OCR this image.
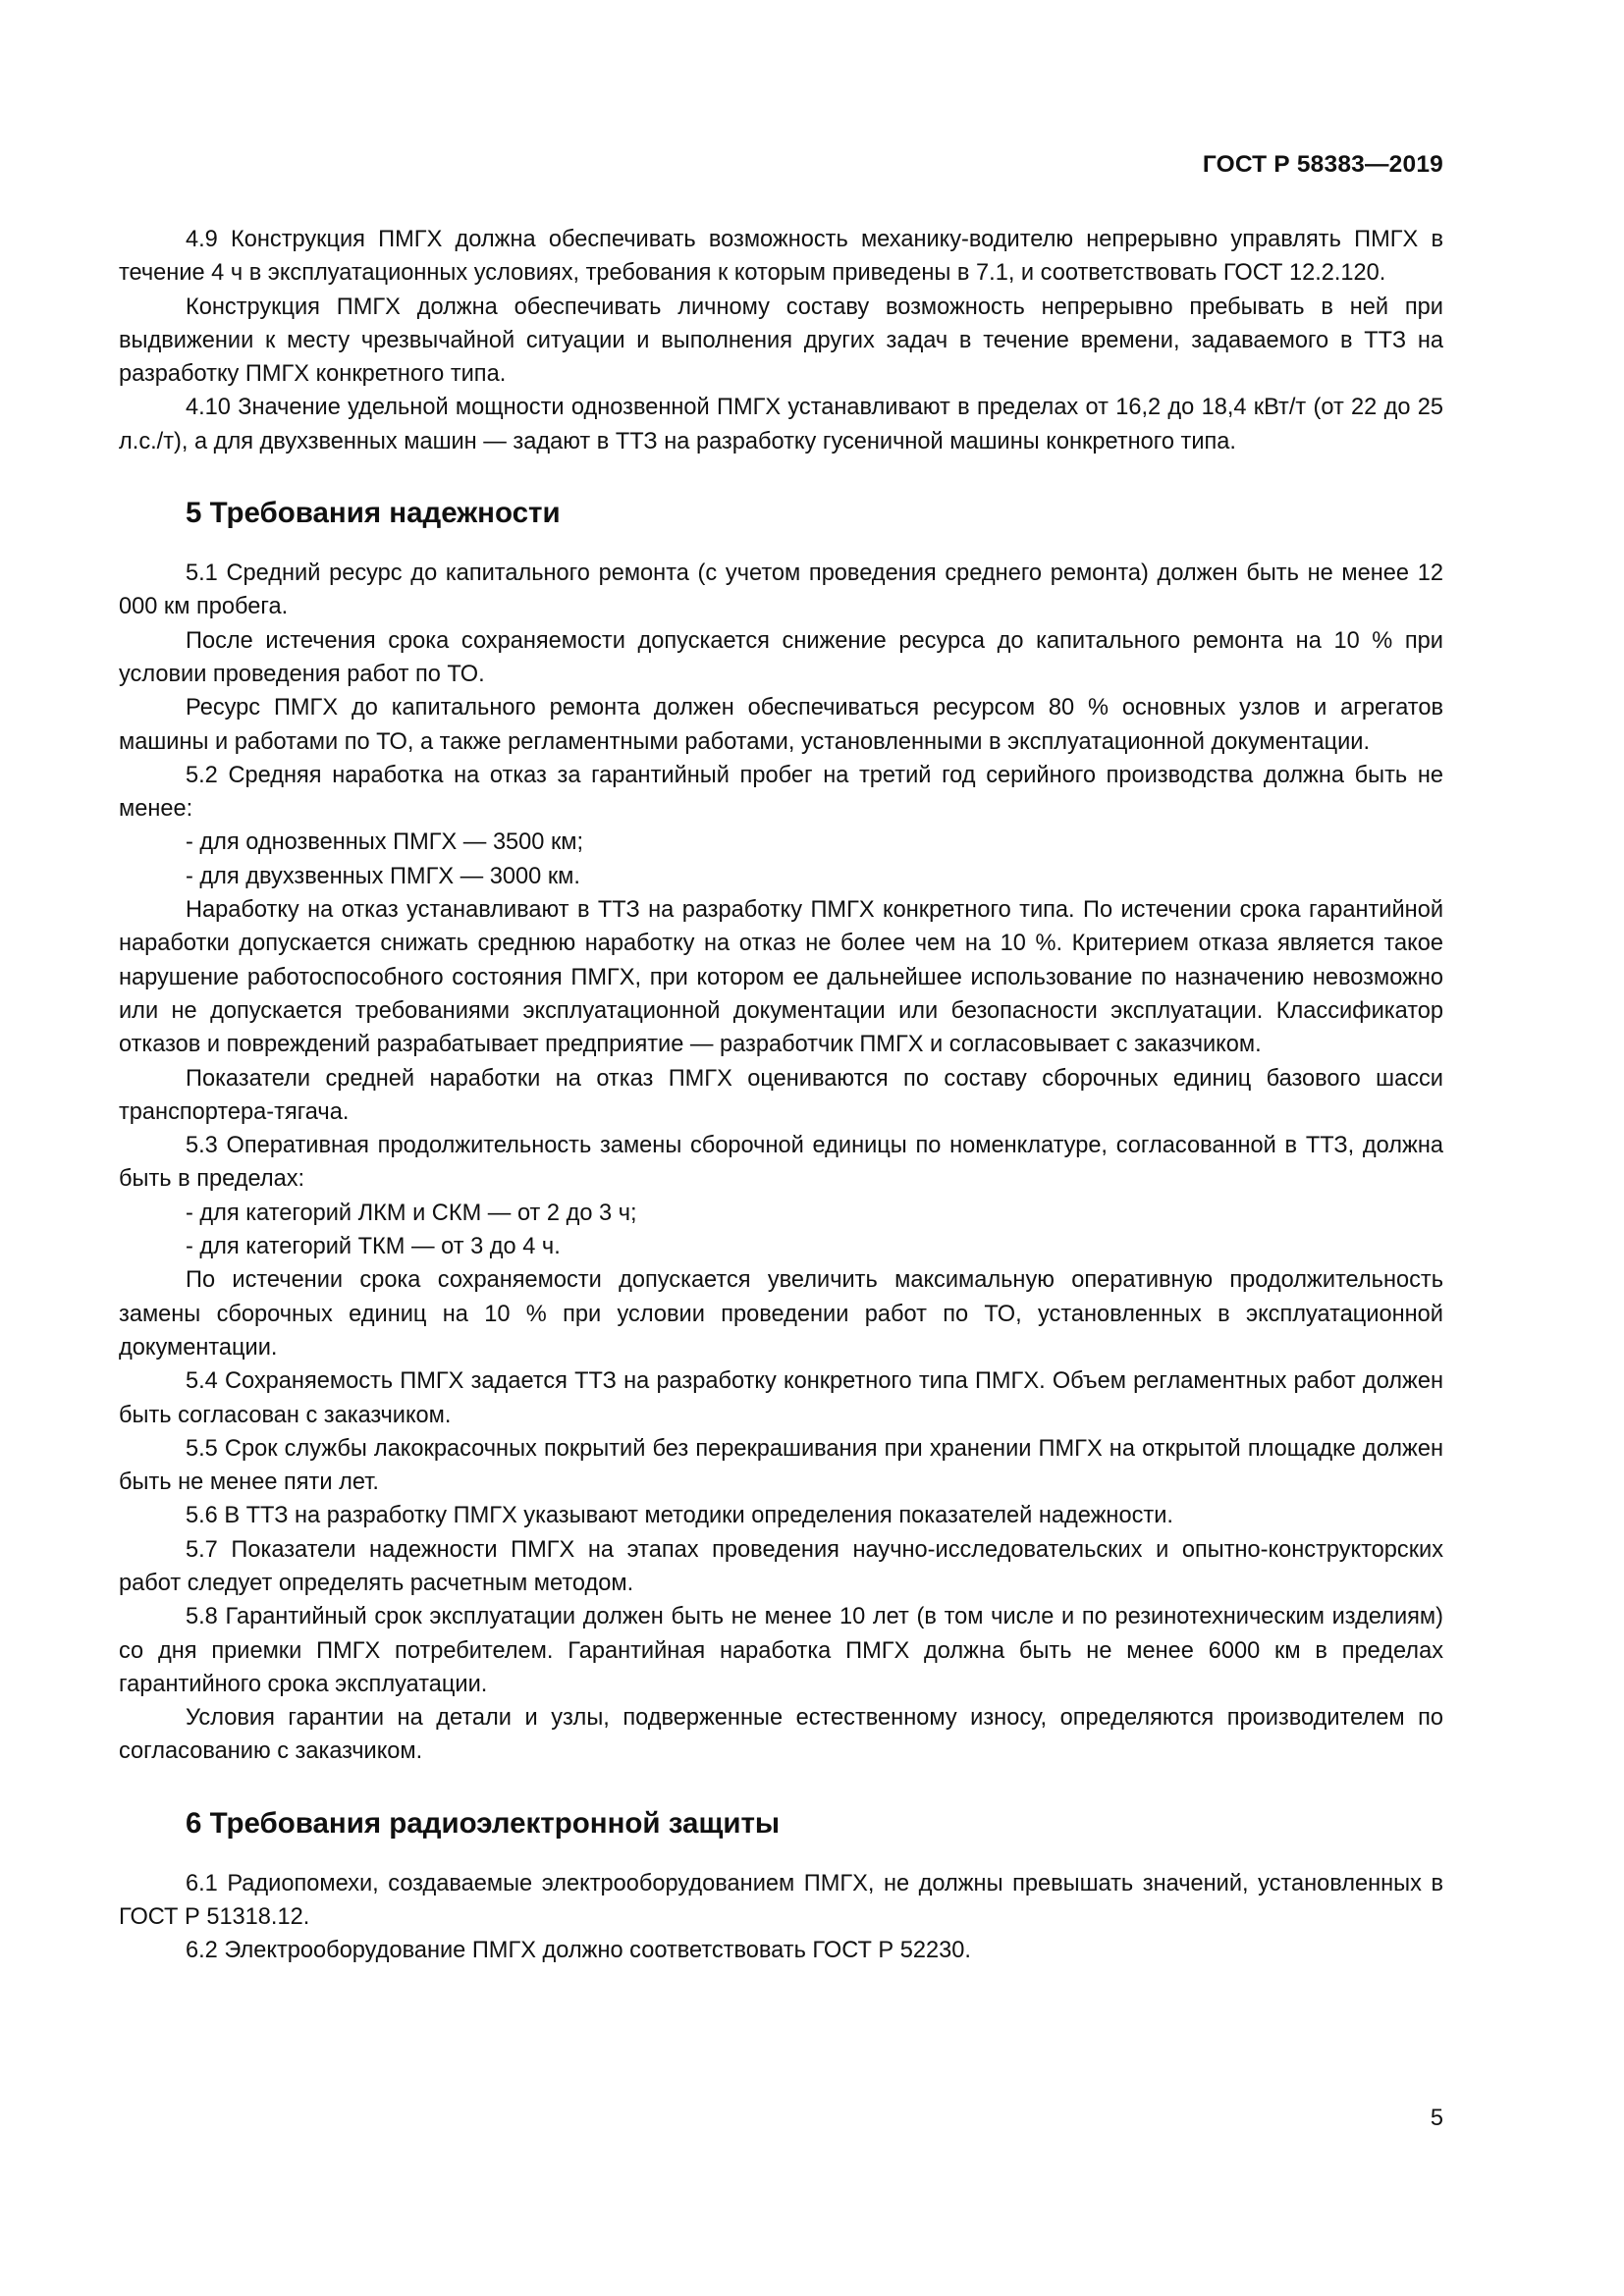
ГОСТ Р 58383—2019

4.9 Конструкция ПМГХ должна обеспечивать возможность механику-водителю непрерывно управлять ПМГХ в течение 4 ч в эксплуатационных условиях, требования к которым приведены в 7.1, и соответствовать ГОСТ 12.2.120.

Конструкция ПМГХ должна обеспечивать личному составу возможность непрерывно пребывать в ней при выдвижении к месту чрезвычайной ситуации и выполнения других задач в течение времени, задаваемого в ТТЗ на разработку ПМГХ конкретного типа.

4.10 Значение удельной мощности однозвенной ПМГХ устанавливают в пределах от 16,2 до 18,4 кВт/т (от 22 до 25 л.с./т), а для двухзвенных машин — задают в ТТЗ на разработку гусеничной машины конкретного типа.

5 Требования надежности

5.1 Средний ресурс до капитального ремонта (с учетом проведения среднего ремонта) должен быть не менее 12 000 км пробега.

После истечения срока сохраняемости допускается снижение ресурса до капитального ремонта на 10 % при условии проведения работ по ТО.

Ресурс ПМГХ до капитального ремонта должен обеспечиваться ресурсом 80 % основных узлов и агрегатов машины и работами по ТО, а также регламентными работами, установленными в эксплуатационной документации.

5.2 Средняя наработка на отказ за гарантийный пробег на третий год серийного производства должна быть не менее:

- для однозвенных ПМГХ — 3500 км;

- для двухзвенных ПМГХ — 3000 км.

Наработку на отказ устанавливают в ТТЗ на разработку ПМГХ конкретного типа. По истечении срока гарантийной наработки допускается снижать среднюю наработку на отказ не более чем на 10 %. Критерием отказа является такое нарушение работоспособного состояния ПМГХ, при котором ее дальнейшее использование по назначению невозможно или не допускается требованиями эксплуатационной документации или безопасности эксплуатации. Классификатор отказов и повреждений разрабатывает предприятие — разработчик ПМГХ и согласовывает с заказчиком.

Показатели средней наработки на отказ ПМГХ оцениваются по составу сборочных единиц базового шасси транспортера-тягача.

5.3 Оперативная продолжительность замены сборочной единицы по номенклатуре, согласованной в ТТЗ, должна быть в пределах:

- для категорий ЛКМ и СКМ — от 2 до 3 ч;

- для категорий ТКМ — от 3 до 4 ч.

По истечении срока сохраняемости допускается увеличить максимальную оперативную продолжительность замены сборочных единиц на 10 % при условии проведении работ по ТО, установленных в эксплуатационной документации.

5.4 Сохраняемость ПМГХ задается ТТЗ на разработку конкретного типа ПМГХ. Объем регламентных работ должен быть согласован с заказчиком.

5.5 Срок службы лакокрасочных покрытий без перекрашивания при хранении ПМГХ на открытой площадке должен быть не менее пяти лет.

5.6 В ТТЗ на разработку ПМГХ указывают методики определения показателей надежности.

5.7 Показатели надежности ПМГХ на этапах проведения научно-исследовательских и опытно-конструкторских работ следует определять расчетным методом.

5.8 Гарантийный срок эксплуатации должен быть не менее 10 лет (в том числе и по резинотехническим изделиям) со дня приемки ПМГХ потребителем. Гарантийная наработка ПМГХ должна быть не менее 6000 км в пределах гарантийного срока эксплуатации.

Условия гарантии на детали и узлы, подверженные естественному износу, определяются производителем по согласованию с заказчиком.

6 Требования радиоэлектронной защиты

6.1 Радиопомехи, создаваемые электрооборудованием ПМГХ, не должны превышать значений, установленных в ГОСТ Р 51318.12.

6.2 Электрооборудование ПМГХ должно соответствовать ГОСТ Р 52230.

5
